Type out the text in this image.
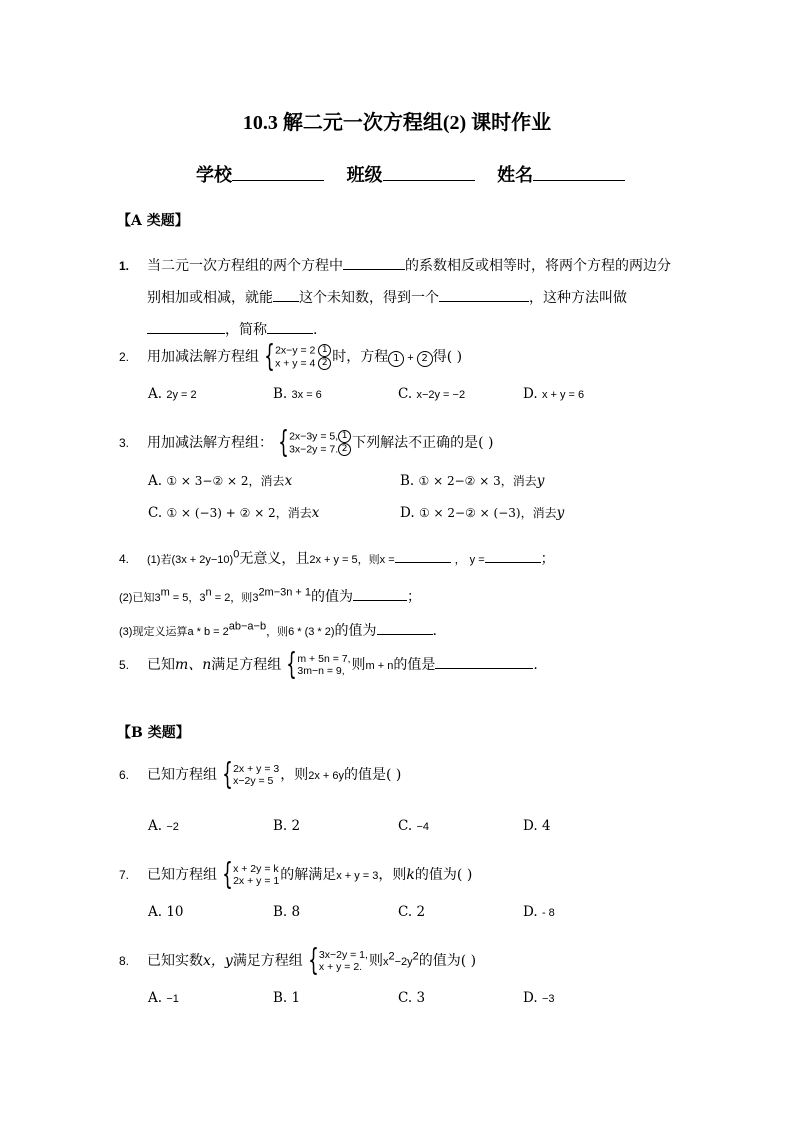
10.3 解二元一次方程组(2) 课时作业
学校	班级	姓名
【A 类题】
1. 当二元一次方程组的两个方程中	的系数相反或相等时，将两个方程的两边分
别相加或相减，就能 这个未知数，得到一个	，这种方法叫做
，简称	.
2. 用加减法解方程组 { 2x−y = 2 1
x + y = 4 2 时，方程 1 + 2 得( )
A. 2y = 2	B. 3x = 6	C. x−2y = −2	D. x + y = 6
3. 用加减法解方程组： { 2x−3y = 5, 1
3x−2y = 7. 2 下列解法不正确的是( )
A. ① × 3−② × 2，消去x	B. ① × 2−② × 3，消去y
C. ① × (−3) + ② × 2，消去x	D. ① × 2−② × (−3)，消去y
4. (1)若$(3x + 2y-10)^0$无意义，且2x + y = 5，则x =	， y =	；
(2)已知$3^m = 5$，$3^n = 2$，则$3^{2m-3n + 1}$的值为	；
(3)现定义运算$a * b = 2^{ab-a-b}$，则6 * (3 * 2)的值为	.
5. 已知m、n满足方程组 { m + 5n = 7,
3m−n = 9, 则m + n的值是	.
【B 类题】
6. 已知方程组 { 2x + y = 3
x−2y = 5 ，则2x + 6y的值是( )
A. −2	B. 2	C. −4	D. 4
7. 已知方程组 { x + 2y = k
2x + y = 1 的解满足x + y = 3，则k的值为( )
A. 10	B. 8	C. 2	D. - 8
8. 已知实数x，y满足方程组 { 3x−2y = 1,
x + y = 2. 则$x^2-2y^2$的值为( )
A. −1	B. 1	C. 3	D. −3
